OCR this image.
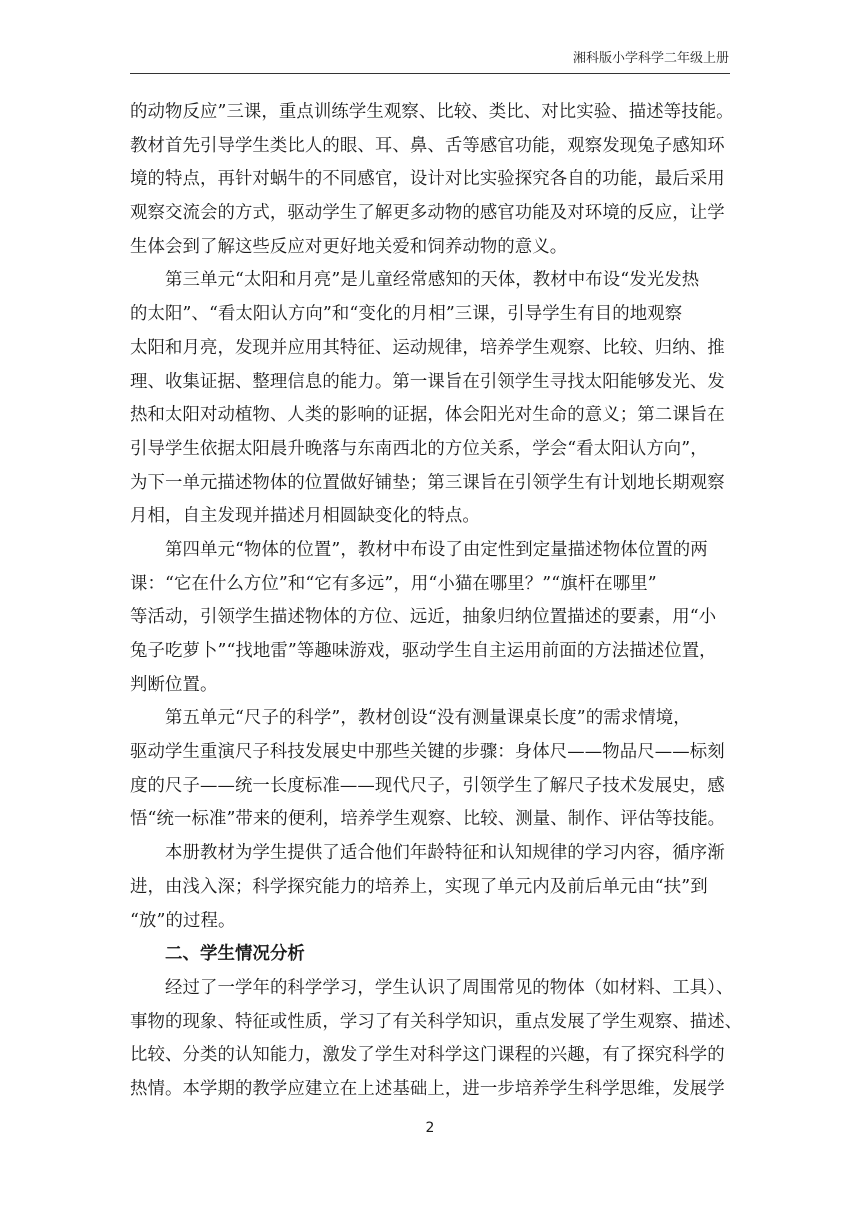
湘科版小学科学二年级上册
的动物反应”三课，重点训练学生观察、比较、类比、对比实验、描述等技能。
教材首先引导学生类比人的眼、耳、鼻、舌等感官功能，观察发现兔子感知环
境的特点，再针对蜗牛的不同感官，设计对比实验探究各自的功能，最后采用
观察交流会的方式，驱动学生了解更多动物的感官功能及对环境的反应，让学
生体会到了解这些反应对更好地关爱和饲养动物的意义。
第三单元“太阳和月亮”是儿童经常感知的天体，教材中布设“发光发热
的太阳”、“看太阳认方向”和“变化的月相”三课，引导学生有目的地观察
太阳和月亮，发现并应用其特征、运动规律，培养学生观察、比较、归纳、推
理、收集证据、整理信息的能力。第一课旨在引领学生寻找太阳能够发光、发
热和太阳对动植物、人类的影响的证据，体会阳光对生命的意义；第二课旨在
引导学生依据太阳晨升晚落与东南西北的方位关系，学会“看太阳认方向”，
为下一单元描述物体的位置做好铺垫；第三课旨在引领学生有计划地长期观察
月相，自主发现并描述月相圆缺变化的特点。
第四单元“物体的位置”，教材中布设了由定性到定量描述物体位置的两
课：“它在什么方位”和“它有多远”，用“小猫在哪里？”“旗杆在哪里”
等活动，引领学生描述物体的方位、远近，抽象归纳位置描述的要素，用“小
兔子吃萝卜”“找地雷”等趣味游戏，驱动学生自主运用前面的方法描述位置，
判断位置。
第五单元“尺子的科学”，教材创设“没有测量课桌长度”的需求情境，
驱动学生重演尺子科技发展史中那些关键的步骤：身体尺——物品尺——标刻
度的尺子——统一长度标准——现代尺子，引领学生了解尺子技术发展史，感
悟“统一标准”带来的便利，培养学生观察、比较、测量、制作、评估等技能。
本册教材为学生提供了适合他们年龄特征和认知规律的学习内容，循序渐
进，由浅入深；科学探究能力的培养上，实现了单元内及前后单元由“扶”到
“放”的过程。
二、学生情况分析
经过了一学年的科学学习，学生认识了周围常见的物体（如材料、工具）、
事物的现象、特征或性质，学习了有关科学知识，重点发展了学生观察、描述、
比较、分类的认知能力，激发了学生对科学这门课程的兴趣，有了探究科学的
热情。本学期的教学应建立在上述基础上，进一步培养学生科学思维，发展学
2
